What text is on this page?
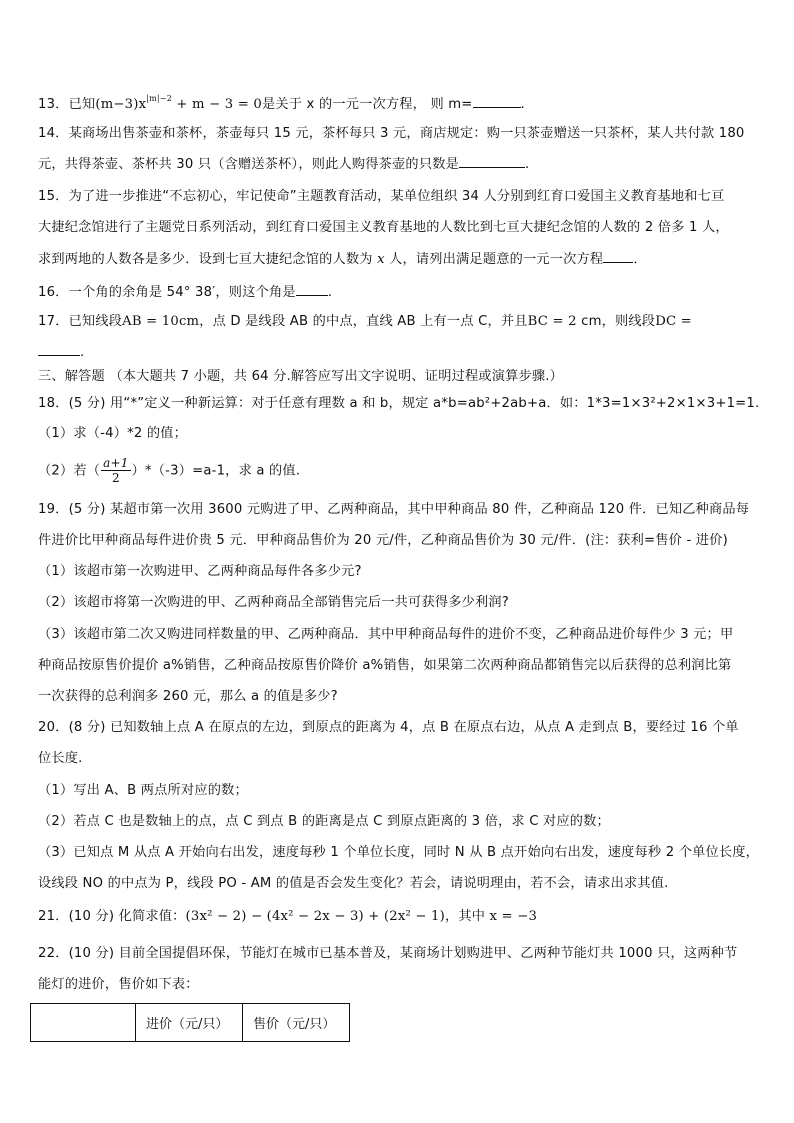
13．已知$(m-3)x^{|m|-2} + m - 3 = 0$是关于 x 的一元一次方程， 则 m=	.
14．某商场出售茶壶和茶杯，茶壶每只 15 元，茶杯每只 3 元，商店规定：购一只茶壶赠送一只茶杯，某人共付款 180
元，共得茶壶、茶杯共 30 只（含赠送茶杯），则此人购得茶壶的只数是	.
15．为了进一步推进“不忘初心，牢记使命”主题教育活动，某单位组织 34 人分别到红育口爱国主义教育基地和七亘
大捷纪念馆进行了主题党日系列活动，到红育口爱国主义教育基地的人数比到七亘大捷纪念馆的人数的 2 倍多 1 人，
求到两地的人数各是多少．设到七亘大捷纪念馆的人数为 x 人，请列出满足题意的一元一次方程 ．
16．一个角的余角是 54° 38′，则这个角是 .
17．已知线段AB = 10cm，点 D 是线段 AB 的中点，直线 AB 上有一点 C，并且BC = 2 cm，则线段DC =
.
三、解答题 （本大题共 7 小题，共 64 分.解答应写出文字说明、证明过程或演算步骤.）
18．(5 分) 用“*”定义一种新运算：对于任意有理数 a 和 b，规定 a*b=ab²+2ab+a．如：1*3=1×3²+2×1×3+1=1.
（1）求（-4）*2 的值；
（2）若（ $\frac{a+1}{2} )*(-3)=a-1$，求 a 的值.
19．(5 分) 某超市第一次用 3600 元购进了甲、乙两种商品，其中甲种商品 80 件，乙种商品 120 件．已知乙种商品每
件进价比甲种商品每件进价贵 5 元．甲种商品售价为 20 元/件，乙种商品售价为 30 元/件．(注：获利=售价 - 进价)
（1）该超市第一次购进甲、乙两种商品每件各多少元?
（2）该超市将第一次购进的甲、乙两种商品全部销售完后一共可获得多少利润?
（3）该超市第二次又购进同样数量的甲、乙两种商品．其中甲种商品每件的进价不变，乙种商品进价每件少 3 元；甲
种商品按原售价提价 a%销售，乙种商品按原售价降价 a%销售，如果第二次两种商品都销售完以后获得的总利润比第
一次获得的总利润多 260 元，那么 a 的值是多少?
20．(8 分) 已知数轴上点 A 在原点的左边，到原点的距离为 4，点 B 在原点右边，从点 A 走到点 B，要经过 16 个单
位长度.
（1）写出 A、B 两点所对应的数；
（2）若点 C 也是数轴上的点，点 C 到点 B 的距离是点 C 到原点距离的 3 倍，求 C 对应的数；
（3）已知点 M 从点 A 开始向右出发，速度每秒 1 个单位长度，同时 N 从 B 点开始向右出发，速度每秒 2 个单位长度，
设线段 NO 的中点为 P，线段 PO - AM 的值是否会发生变化？若会，请说明理由，若不会，请求出求其值.
21．(10 分) 化简求值：(3x² − 2) − (4x² − 2x − 3) + (2x² − 1)，其中 x = −3
22．(10 分) 目前全国提倡环保，节能灯在城市已基本普及，某商场计划购进甲、乙两种节能灯共 1000 只，这两种节
能灯的进价，售价如下表：
	进价（元/只）	售价（元/只）
